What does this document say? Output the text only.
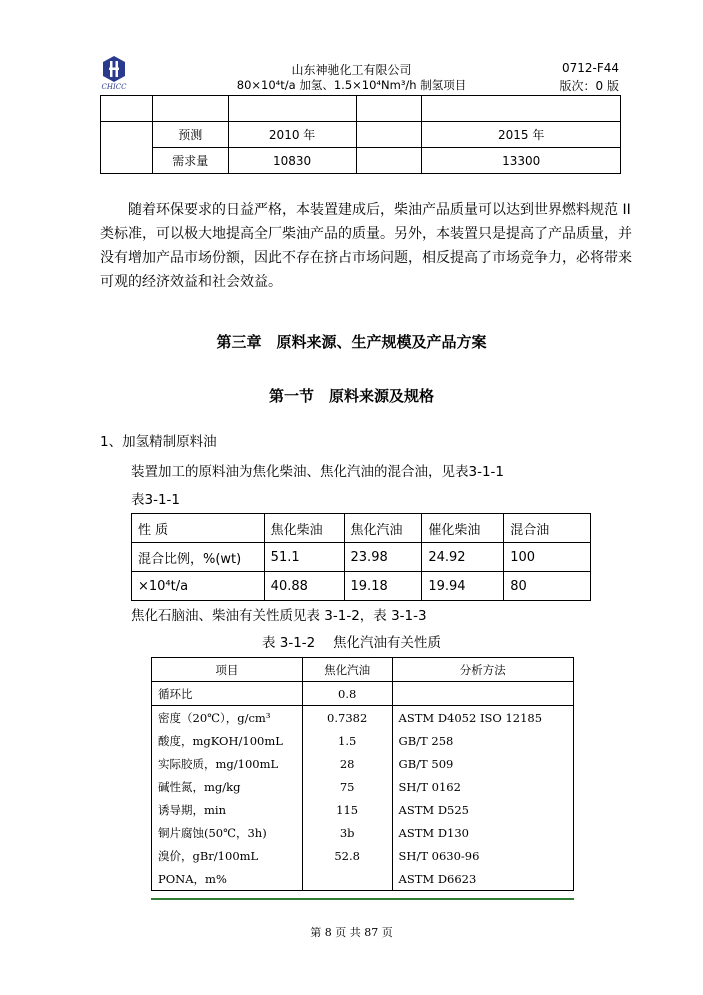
CHICC
山东神驰化工有限公司
80×10⁴t/a 加氢、1.5×10⁴Nm³/h 制氢项目
0712-F44
版次：0 版

	预测	2010 年		2015 年
	需求量	10830		13300
随着环保要求的日益严格，本装置建成后，柴油产品质量可以达到世界燃料规范 II 类标准，可以极大地提高全厂柴油产品的质量。另外，本装置只是提高了产品质量，并没有增加产品市场份额，因此不存在挤占市场问题，相反提高了市场竞争力，必将带来可观的经济效益和社会效益。
第三章　原料来源、生产规模及产品方案
第一节　原料来源及规格
1、加氢精制原料油
装置加工的原料油为焦化柴油、焦化汽油的混合油，见表3-1-1
表3-1-1
性 质	焦化柴油	焦化汽油	催化柴油	混合油
混合比例，%(wt)	51.1	23.98	24.92	100
×10⁴t/a	40.88	19.18	19.94	80
焦化石脑油、柴油有关性质见表 3-1-2，表 3-1-3
表 3-1-2　 焦化汽油有关性质
项目	焦化汽油	分析方法
循环比	0.8	
密度（20℃），g/cm³	0.7382	ASTM D4052 ISO 12185
酸度，mgKOH/100mL	1.5	GB/T 258
实际胶质，mg/100mL	28	GB/T 509
碱性氮，mg/kg	75	SH/T 0162
诱导期，min	115	ASTM D525
铜片腐蚀(50℃，3h)	3b	ASTM D130
溴价，gBr/100mL	52.8	SH/T 0630-96
PONA，m%		ASTM D6623
第 8 页 共 87 页
